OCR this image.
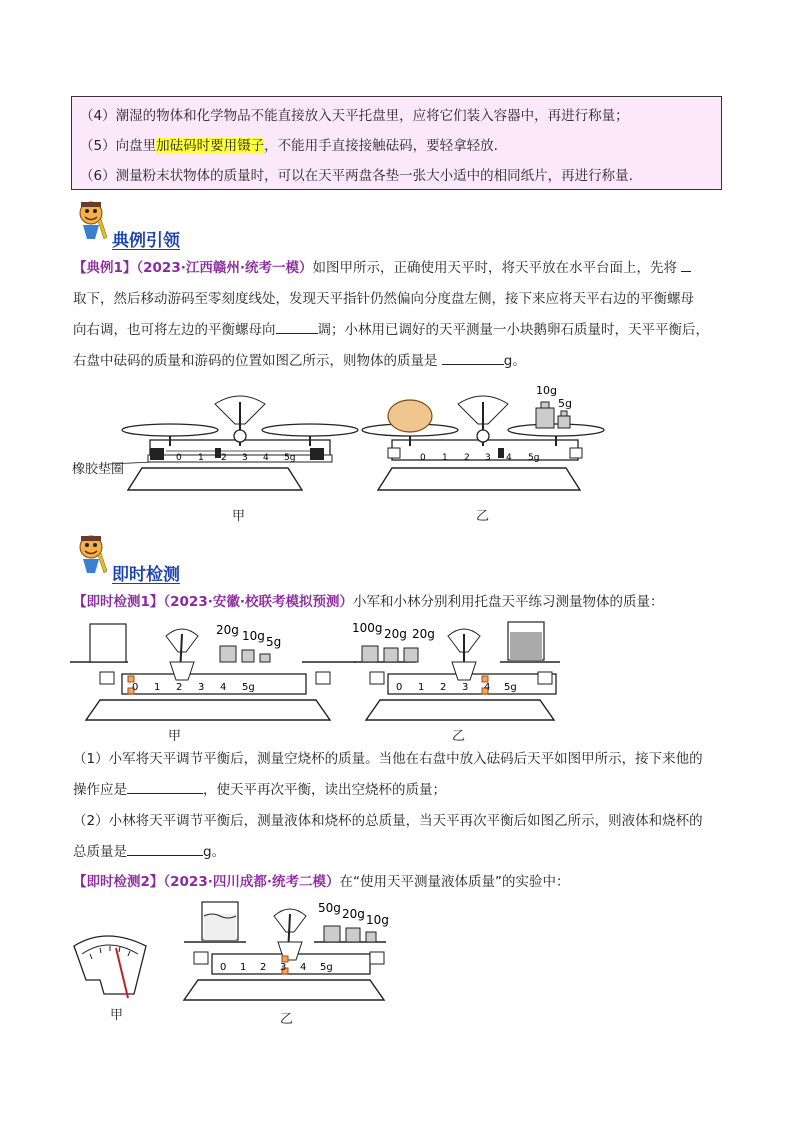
（4）潮湿的物体和化学物品不能直接放入天平托盘里，应将它们装入容器中，再进行称量；

（5）向盘里加砝码时要用镊子，不能用手直接接触砝码，要轻拿轻放.

（6）测量粉末状物体的质量时，可以在天平两盘各垫一张大小适中的相同纸片，再进行称量.

典例引领

【典例1】（2023·江西赣州·统考一模）如图甲所示，正确使用天平时，将天平放在水平台面上，先将
取下，然后移动游码至零刻度线处，发现天平指针仍然偏向分度盘左侧，接下来应将天平右边的平衡螺母
向右调，也可将左边的平衡螺母向	调；小林用已调好的天平测量一小块鹅卵石质量时，天平平衡后，
右盘中砝码的质量和游码的位置如图乙所示，则物体的质量是	g。

0 1 2 3 4 5g
10g
5g
0 1 2 3 4 5g
橡胶垫圈
甲	乙
即时检测

【即时检测1】（2023·安徽·校联考模拟预测）小军和小林分别利用托盘天平练习测量物体的质量：

20g 10g 5g
0 1 2 3 4 5g
100g 20g 20g
0 1 2 3 4 5g
甲	乙

（1）小军将天平调节平衡后，测量空烧杯的质量。当他在右盘中放入砝码后天平如图甲所示，接下来他的
操作应是	，使天平再次平衡，读出空烧杯的质量；
（2）小林将天平调节平衡后，测量液体和烧杯的总质量，当天平再次平衡后如图乙所示，则液体和烧杯的
总质量是	g。

【即时检测2】（2023·四川成都·统考二模）在“使用天平测量液体质量”的实验中：

50g 20g 10g
0 1 2 3 4 5g
甲	乙
